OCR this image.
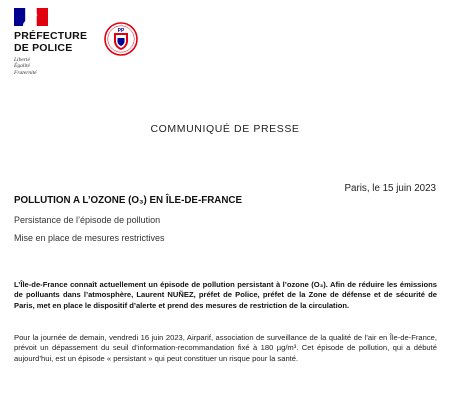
PRÉFECTURE
DE POLICE
Liberté
Égalité
Fraternité
PP
COMMUNIQUÉ DE PRESSE
Paris, le 15 juin 2023
POLLUTION A L’OZONE (O₃) EN ÎLE-DE-FRANCE
Persistance de l’épisode de pollution
Mise en place de mesures restrictives
L’Île-de-France connaît actuellement un épisode de pollution persistant à l’ozone (O₃). Afin de réduire les émissions de polluants dans l’atmosphère, Laurent NUÑEZ, préfet de Police, préfet de la Zone de défense et de sécurité de Paris, met en place le dispositif d’alerte et prend des mesures de restriction de la circulation.
Pour la journée de demain, vendredi 16 juin 2023, Airparif, association de surveillance de la qualité de l’air en Île-de-France, prévoit un dépassement du seuil d’information-recommandation fixé à 180 µg/m³. Cet épisode de pollution, qui a débuté aujourd’hui, est un épisode « persistant » qui peut constituer un risque pour la santé.
